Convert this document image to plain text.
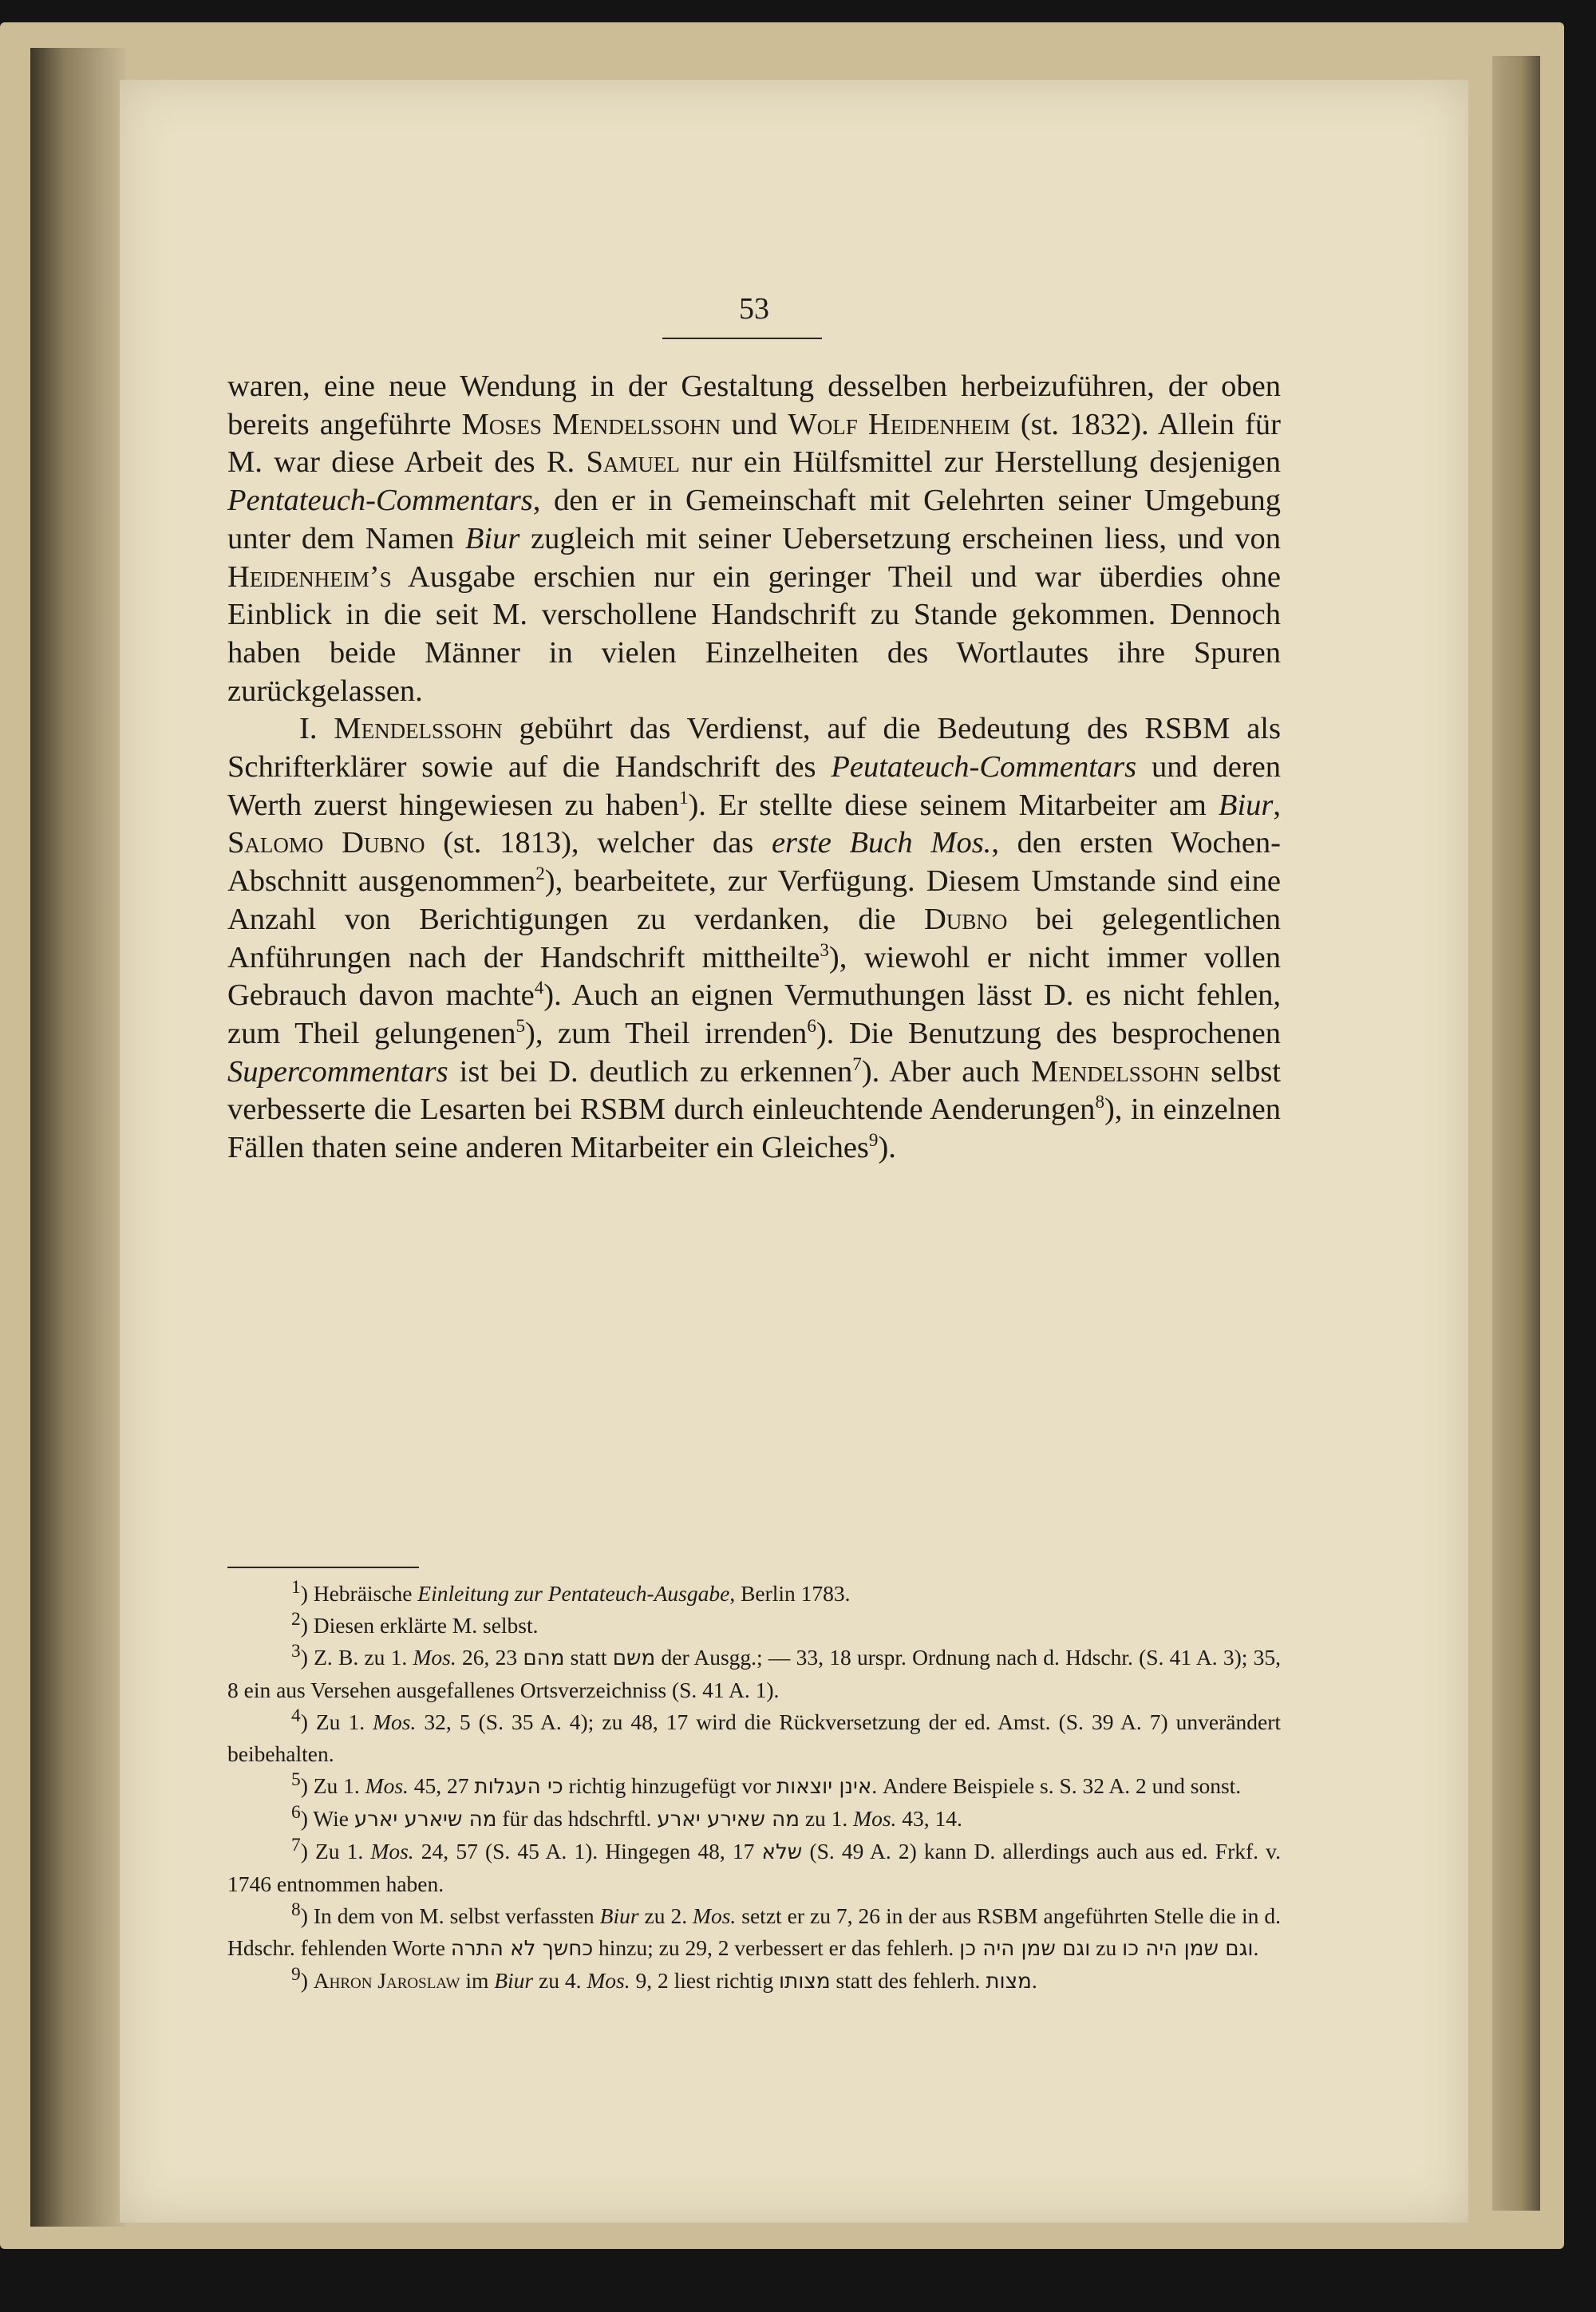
53

waren, eine neue Wendung in der Gestaltung desselben herbeizuführen, der oben bereits angeführte Moses Mendelssohn und Wolf Heidenheim (st. 1832). Allein für M. war diese Arbeit des R. Samuel nur ein Hülfsmittel zur Herstellung desjenigen Pentateuch-Commentars, den er in Gemeinschaft mit Gelehrten seiner Umgebung unter dem Namen Biur zugleich mit seiner Uebersetzung erscheinen liess, und von Heidenheim’s Ausgabe erschien nur ein geringer Theil und war überdies ohne Einblick in die seit M. verschollene Handschrift zu Stande gekommen. Dennoch haben beide Männer in vielen Einzelheiten des Wortlautes ihre Spuren zurückgelassen.

I. Mendelssohn gebührt das Verdienst, auf die Bedeutung des RSBM als Schrifterklärer sowie auf die Handschrift des Peutateuch-Commentars und deren Werth zuerst hingewiesen zu haben$^1$). Er stellte diese seinem Mitarbeiter am Biur, Salomo Dubno (st. 1813), welcher das erste Buch Mos., den ersten Wochen-Abschnitt ausgenommen$^2$), bearbeitete, zur Verfügung. Diesem Umstande sind eine Anzahl von Berichtigungen zu verdanken, die Dubno bei gelegentlichen Anführungen nach der Handschrift mittheilte$^3$), wiewohl er nicht immer vollen Gebrauch davon machte$^4$). Auch an eignen Vermuthungen lässt D. es nicht fehlen, zum Theil gelungenen$^5$), zum Theil irrenden$^6$). Die Benutzung des besprochenen Supercommentars ist bei D. deutlich zu erkennen$^7$). Aber auch Mendelssohn selbst verbesserte die Lesarten bei RSBM durch einleuchtende Aenderungen$^8$), in einzelnen Fällen thaten seine anderen Mitarbeiter ein Gleiches$^9$).

$^1$) Hebräische Einleitung zur Pentateuch-Ausgabe, Berlin 1783.

$^2$) Diesen erklärte M. selbst.

$^3$) Z. B. zu 1. Mos. 26, 23 מהם statt משם der Ausgg.; — 33, 18 urspr. Ordnung nach d. Hdschr. (S. 41 A. 3); 35, 8 ein aus Versehen ausgefallenes Ortsverzeichniss (S. 41 A. 1).

$^4$) Zu 1. Mos. 32, 5 (S. 35 A. 4); zu 48, 17 wird die Rückversetzung der ed. Amst. (S. 39 A. 7) unverändert beibehalten.

$^5$) Zu 1. Mos. 45, 27 כי העגלות richtig hinzugefügt vor אינן יוצאות. Andere Beispiele s. S. 32 A. 2 und sonst.

$^6$) Wie מה שיארע יארע für das hdschrftl. מה שאירע יארע zu 1. Mos. 43, 14.

$^7$) Zu 1. Mos. 24, 57 (S. 45 A. 1). Hingegen 48, 17 שלא (S. 49 A. 2) kann D. allerdings auch aus ed. Frkf. v. 1746 entnommen haben.

$^8$) In dem von M. selbst verfassten Biur zu 2. Mos. setzt er zu 7, 26 in der aus RSBM angeführten Stelle die in d. Hdschr. fehlenden Worte כחשך לא התרה hinzu; zu 29, 2 verbessert er das fehlerh. וגם שמן היה כן zu וגם שמן היה כו.

$^9$) Ahron Jaroslaw im Biur zu 4. Mos. 9, 2 liest richtig מצותו statt des fehlerh. מצות.
